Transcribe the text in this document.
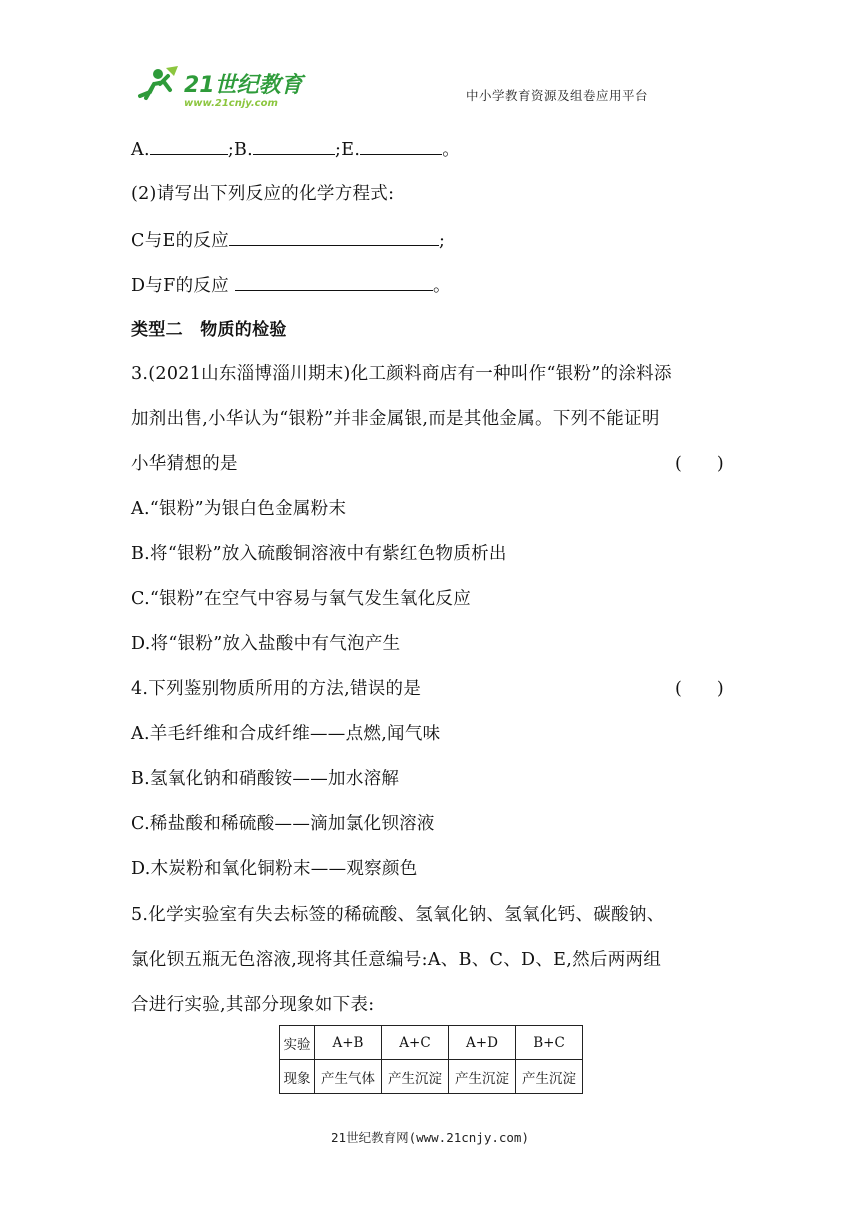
21世纪教育
www.21cnjy.com
中小学教育资源及组卷应用平台
A.	;B.	;E.	。
(2)请写出下列反应的化学方程式:
C与E的反应	;
D与F的反应	。
类型二　物质的检验
3.(2021山东淄博淄川期末)化工颜料商店有一种叫作“银粉”的涂料添
加剂出售,小华认为“银粉”并非金属银,而是其他金属。下列不能证明
小华猜想的是	(　　)
A.“银粉”为银白色金属粉末
B.将“银粉”放入硫酸铜溶液中有紫红色物质析出
C.“银粉”在空气中容易与氧气发生氧化反应
D.将“银粉”放入盐酸中有气泡产生
4.下列鉴别物质所用的方法,错误的是	(　　)
A.羊毛纤维和合成纤维——点燃,闻气味
B.氢氧化钠和硝酸铵——加水溶解
C.稀盐酸和稀硫酸——滴加氯化钡溶液
D.木炭粉和氧化铜粉末——观察颜色
5.化学实验室有失去标签的稀硫酸、氢氧化钠、氢氧化钙、碳酸钠、
氯化钡五瓶无色溶液,现将其任意编号:A、B、C、D、E,然后两两组
合进行实验,其部分现象如下表:
实验	A+B	A+C	A+D	B+C
现象	产生气体	产生沉淀	产生沉淀	产生沉淀
21世纪教育网(www.21cnjy.com)
